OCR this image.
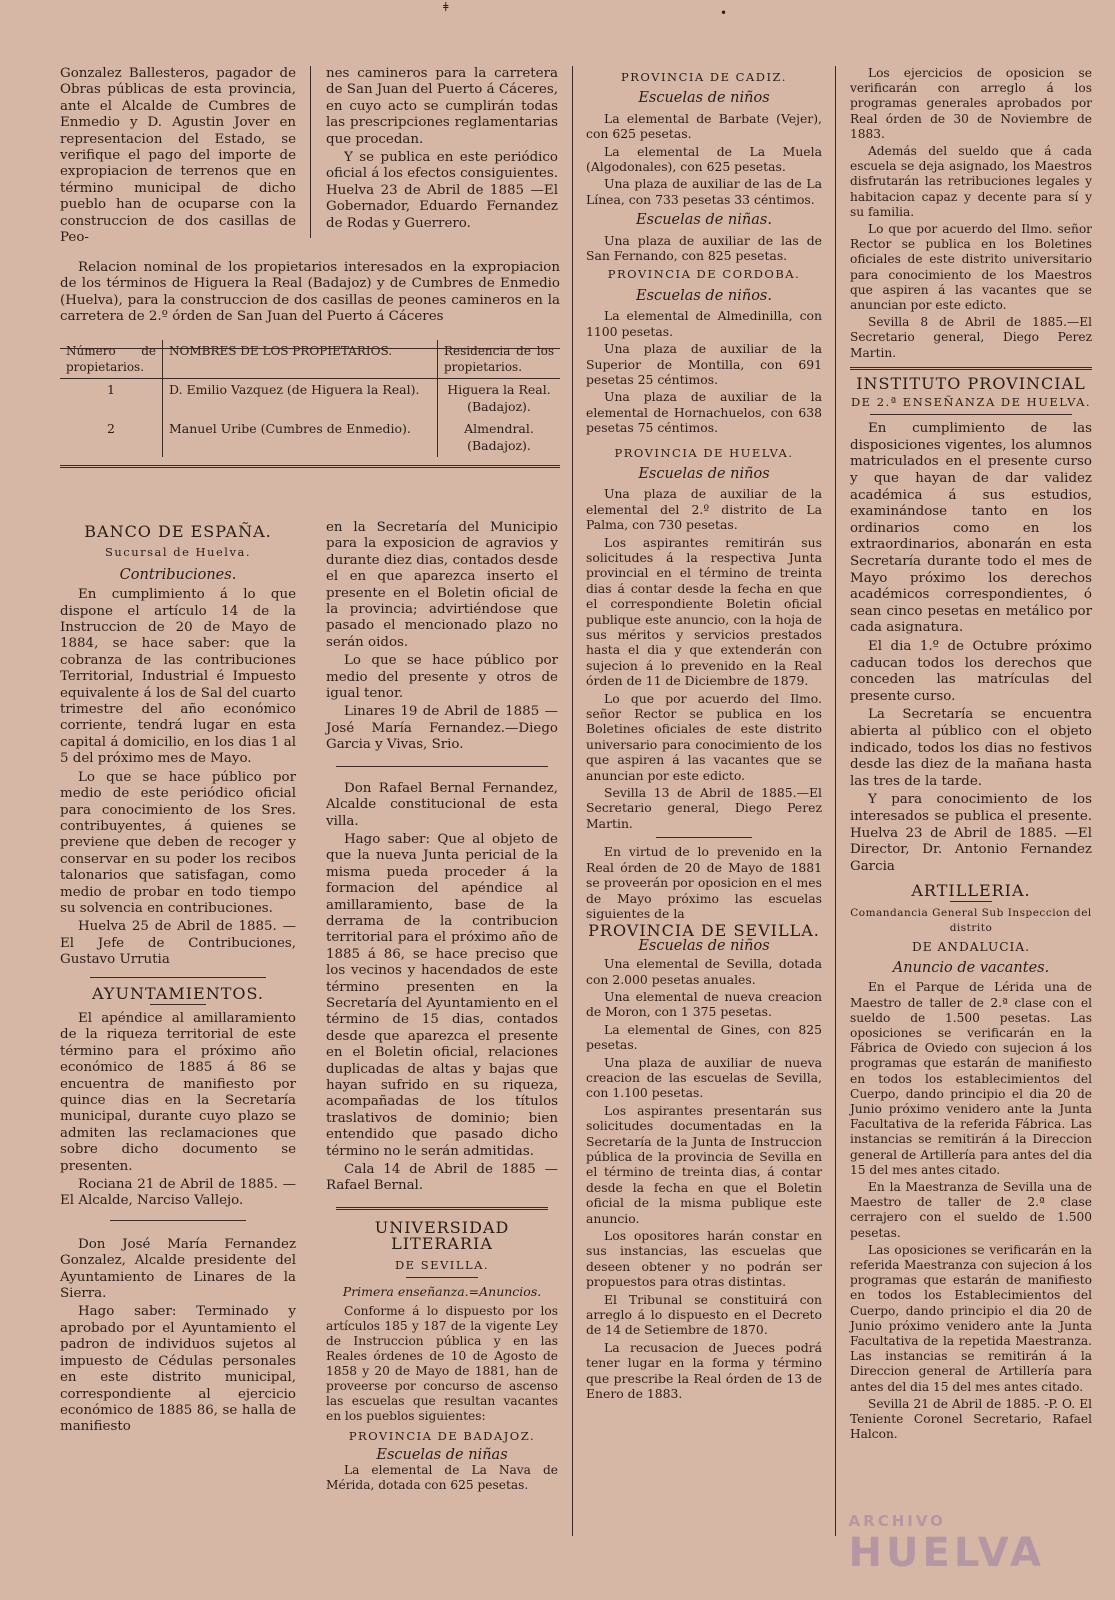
ǂ	•

Gonzalez Ballesteros, pagador de Obras públicas de esta provincia, ante el Alcalde de Cumbres de Enmedio y D. Agustin Jover en representacion del Estado, se verifique el pago del importe de expropiacion de terrenos que en término municipal de dicho pueblo han de ocuparse con la construccion de dos casillas de Peo-

nes camineros para la carretera de San Juan del Puerto á Cáceres, en cuyo acto se cumplirán todas las prescripciones reglamentarias que procedan.

Y se publica en este periódico oficial á los efectos consiguientes. Huelva 23 de Abril de 1885 —El Gobernador, Eduardo Fernandez de Rodas y Guerrero.

Relacion nominal de los propietarios interesados en la expropiacion de los términos de Higuera la Real (Badajoz) y de Cumbres de Enmedio (Huelva), para la construccion de dos casillas de peones camineros en la carretera de 2.º órden de San Juan del Puerto á Cáceres

Número de propietarios.	NOMBRES DE LOS PROPIETARIOS.	Residencia de los propietarios.
1	D. Emilio Vazquez (de Higuera la Real).	Higuera la Real. (Badajoz).
2	Manuel Uribe (Cumbres de Enmedio).	Almendral. (Badajoz).
BANCO DE ESPAÑA.
Sucursal de Huelva.
Contribuciones.

En cumplimiento á lo que dispone el artículo 14 de la Instruccion de 20 de Mayo de 1884, se hace saber: que la cobranza de las contribuciones Territorial, Industrial é Impuesto equivalente á los de Sal del cuarto trimestre del año económico corriente, tendrá lugar en esta capital á domicilio, en los dias 1 al 5 del próximo mes de Mayo.

Lo que se hace público por medio de este periódico oficial para conocimiento de los Sres. contribuyentes, á quienes se previene que deben de recoger y conservar en su poder los recibos talonarios que satisfagan, como medio de probar en todo tiempo su solvencia en contribuciones.

Huelva 25 de Abril de 1885. —El Jefe de Contribuciones, Gustavo Urrutia

AYUNTAMIENTOS.

El apéndice al amillaramiento de la riqueza territorial de este término para el próximo año económico de 1885 á 86 se encuentra de manifiesto por quince dias en la Secretaría municipal, durante cuyo plazo se admiten las reclamaciones que sobre dicho documento se presenten.

Rociana 21 de Abril de 1885. —El Alcalde, Narciso Vallejo.

Don José María Fernandez Gonzalez, Alcalde presidente del Ayuntamiento de Linares de la Sierra.

Hago saber: Terminado y aprobado por el Ayuntamiento el padron de individuos sujetos al impuesto de Cédulas personales en este distrito municipal, correspondiente al ejercicio económico de 1885 86, se halla de manifiesto

en la Secretaría del Municipio para la exposicion de agravios y durante diez dias, contados desde el en que aparezca inserto el presente en el Boletin oficial de la provincia; advirtiéndose que pasado el mencionado plazo no serán oidos.

Lo que se hace público por medio del presente y otros de igual tenor.

Linares 19 de Abril de 1885 —José María Fernandez.—Diego Garcia y Vivas, Srio.

Don Rafael Bernal Fernandez, Alcalde constitucional de esta villa.

Hago saber: Que al objeto de que la nueva Junta pericial de la misma pueda proceder á la formacion del apéndice al amillaramiento, base de la derrama de la contribucion territorial para el próximo año de 1885 á 86, se hace preciso que los vecinos y hacendados de este término presenten en la Secretaría del Ayuntamiento en el término de 15 dias, contados desde que aparezca el presente en el Boletin oficial, relaciones duplicadas de altas y bajas que hayan sufrido en su riqueza, acompañadas de los títulos traslativos de dominio; bien entendido que pasado dicho término no le serán admitidas.

Cala 14 de Abril de 1885 — Rafael Bernal.

UNIVERSIDAD LITERARIA
DE SEVILLA.
Primera enseñanza.=Anuncios.

Conforme á lo dispuesto por los artículos 185 y 187 de la vigente Ley de Instruccion pública y en las Reales órdenes de 10 de Agosto de 1858 y 20 de Mayo de 1881, han de proveerse por concurso de ascenso las escuelas que resultan vacantes en los pueblos siguientes:

PROVINCIA DE BADAJOZ.
Escuelas de niñas

La elemental de La Nava de Mérida, dotada con 625 pesetas.

PROVINCIA DE CADIZ.
Escuelas de niños

La elemental de Barbate (Vejer), con 625 pesetas.

La elemental de La Muela (Algodonales), con 625 pesetas.

Una plaza de auxiliar de las de La Línea, con 733 pesetas 33 céntimos.

Escuelas de niñas.

Una plaza de auxiliar de las de San Fernando, con 825 pesetas.

PROVINCIA DE CORDOBA.
Escuelas de niños.

La elemental de Almedinilla, con 1100 pesetas.

Una plaza de auxiliar de la Superior de Montilla, con 691 pesetas 25 céntimos.

Una plaza de auxiliar de la elemental de Hornachuelos, con 638 pesetas 75 céntimos.

PROVINCIA DE HUELVA.
Escuelas de niños

Una plaza de auxiliar de la elemental del 2.º distrito de La Palma, con 730 pesetas.

Los aspirantes remitirán sus solicitudes á la respectiva Junta provincial en el término de treinta dias á contar desde la fecha en que el correspondiente Boletin oficial publique este anuncio, con la hoja de sus méritos y servicios prestados hasta el dia y que extenderán con sujecion á lo prevenido en la Real órden de 11 de Diciembre de 1879.

Lo que por acuerdo del Ilmo. señor Rector se publica en los Boletines oficiales de este distrito universario para conocimiento de los que aspiren á las vacantes que se anuncian por este edicto.

Sevilla 13 de Abril de 1885.—El Secretario general, Diego Perez Martin.

En virtud de lo prevenido en la Real órden de 20 de Mayo de 1881 se proveerán por oposicion en el mes de Mayo próximo las escuelas siguientes de la

PROVINCIA DE SEVILLA.
Escuelas de niños

Una elemental de Sevilla, dotada con 2.000 pesetas anuales.

Una elemental de nueva creacion de Moron, con 1 375 pesetas.

La elemental de Gines, con 825 pesetas.

Una plaza de auxiliar de nueva creacion de las escuelas de Sevilla, con 1.100 pesetas.

Los aspirantes presentarán sus solicitudes documentadas en la Secretaría de la Junta de Instruccion pública de la provincia de Sevilla en el término de treinta dias, á contar desde la fecha en que el Boletin oficial de la misma publique este anuncio.

Los opositores harán constar en sus instancias, las escuelas que deseen obtener y no podrán ser propuestos para otras distintas.

El Tribunal se constituirá con arreglo á lo dispuesto en el Decreto de 14 de Setiembre de 1870.

La recusacion de Jueces podrá tener lugar en la forma y término que prescribe la Real órden de 13 de Enero de 1883.

Los ejercicios de oposicion se verificarán con arreglo á los programas generales aprobados por Real órden de 30 de Noviembre de 1883.

Además del sueldo que á cada escuela se deja asignado, los Maestros disfrutarán las retribuciones legales y habitacion capaz y decente para sí y su familia.

Lo que por acuerdo del Ilmo. señor Rector se publica en los Boletines oficiales de este distrito universitario para conocimiento de los Maestros que aspiren á las vacantes que se anuncian por este edicto.

Sevilla 8 de Abril de 1885.—El Secretario general, Diego Perez Martin.

INSTITUTO PROVINCIAL
DE 2.ª ENSEÑANZA DE HUELVA.

En cumplimiento de las disposiciones vigentes, los alumnos matriculados en el presente curso y que hayan de dar validez académica á sus estudios, examinándose tanto en los ordinarios como en los extraordinarios, abonarán en esta Secretaría durante todo el mes de Mayo próximo los derechos académicos correspondientes, ó sean cinco pesetas en metálico por cada asignatura.

El dia 1.º de Octubre próximo caducan todos los derechos que conceden las matrículas del presente curso.

La Secretaría se encuentra abierta al público con el objeto indicado, todos los dias no festivos desde las diez de la mañana hasta las tres de la tarde.

Y para conocimiento de los interesados se publica el presente. Huelva 23 de Abril de 1885. —El Director, Dr. Antonio Fernandez Garcia

ARTILLERIA.
Comandancia General Sub Inspeccion del distrito
DE ANDALUCIA.
Anuncio de vacantes.

En el Parque de Lérida una de Maestro de taller de 2.ª clase con el sueldo de 1.500 pesetas. Las oposiciones se verificarán en la Fábrica de Oviedo con sujecion á los programas que estarán de manifiesto en todos los establecimientos del Cuerpo, dando principio el dia 20 de Junio próximo venidero ante la Junta Facultativa de la referida Fábrica. Las instancias se remitirán á la Direccion general de Artillería para antes del dia 15 del mes antes citado.

En la Maestranza de Sevilla una de Maestro de taller de 2.ª clase cerrajero con el sueldo de 1.500 pesetas.

Las oposiciones se verificarán en la referida Maestranza con sujecion á los programas que estarán de manifiesto en todos los Establecimientos del Cuerpo, dando principio el dia 20 de Junio próximo venidero ante la Junta Facultativa de la repetida Maestranza. Las instancias se remitirán á la Direccion general de Artillería para antes del dia 15 del mes antes citado.

Sevilla 21 de Abril de 1885. -P. O. El Teniente Coronel Secretario, Rafael Halcon.

ARCHIVO
HUELVA
